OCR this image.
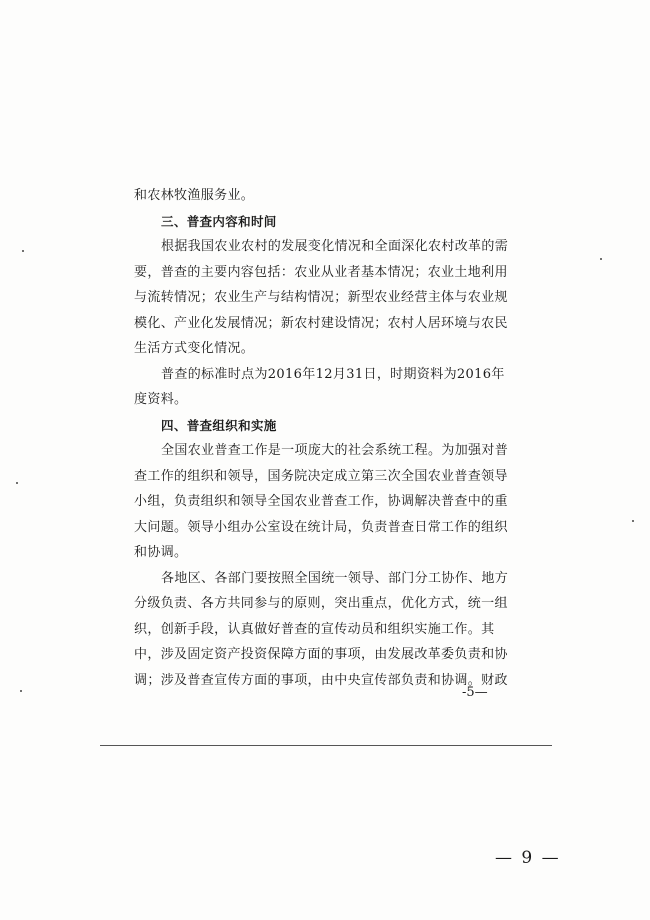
和农林牧渔服务业。

三、普查内容和时间

根据我国农业农村的发展变化情况和全面深化农村改革的需

要，普查的主要内容包括：农业从业者基本情况；农业土地利用

与流转情况；农业生产与结构情况；新型农业经营主体与农业规

模化、产业化发展情况；新农村建设情况；农村人居环境与农民

生活方式变化情况。

普查的标准时点为2016年12月31日，时期资料为2016年

度资料。

四、普查组织和实施

全国农业普查工作是一项庞大的社会系统工程。为加强对普

查工作的组织和领导，国务院决定成立第三次全国农业普查领导

小组，负责组织和领导全国农业普查工作，协调解决普查中的重

大问题。领导小组办公室设在统计局，负责普查日常工作的组织

和协调。

各地区、各部门要按照全国统一领导、部门分工协作、地方

分级负责、各方共同参与的原则，突出重点，优化方式，统一组

织，创新手段，认真做好普查的宣传动员和组织实施工作。其

中，涉及固定资产投资保障方面的事项，由发展改革委负责和协

调；涉及普查宣传方面的事项，由中央宣传部负责和协调。财政

-5—
— 9 —
